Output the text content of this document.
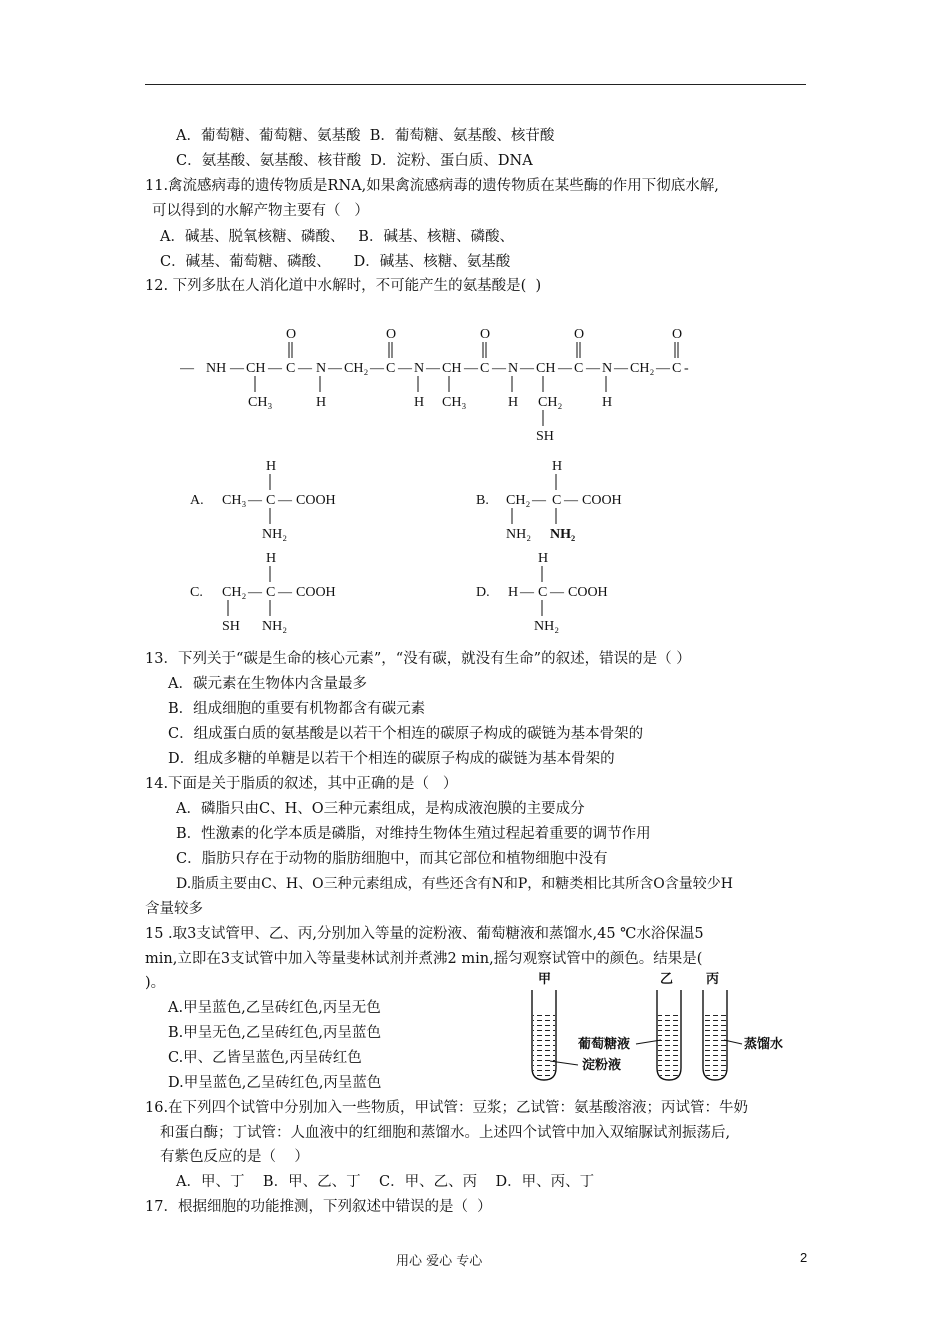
A．葡萄糖、葡萄糖、氨基酸  B．葡萄糖、氨基酸、核苷酸
C．氨基酸、氨基酸、核苷酸  D．淀粉、蛋白质、DNA
11.禽流感病毒的遗传物质是RNA,如果禽流感病毒的遗传物质在某些酶的作用下彻底水解,
可以得到的水解产物主要有（   ）
A．碱基、脱氧核糖、磷酸、   B．碱基、核糖、磷酸、
C．碱基、葡萄糖、磷酸、     D．碱基、核糖、氨基酸
12. 下列多肽在人消化道中水解时，不可能产生的氨基酸是(  )
— NH — CH — C — N — CH₂ — C — N — CH — C — N — CH — C — N — CH₂ — C -
O	O	O	O	O
CH₃	H	H CH₃	H CH₂	H
SH
A. CH₃ — C — COOH
H
NH₂
B. CH₂ — C — COOH
H
NH₂ NH₂
C. CH₂ — C — COOH
H
SH NH₂
D. H — C — COOH
H
NH₂
13．下列关于“碳是生命的核心元素”，“没有碳，就没有生命”的叙述，错误的是（ ）
A．碳元素在生物体内含量最多
B．组成细胞的重要有机物都含有碳元素
C．组成蛋白质的氨基酸是以若干个相连的碳原子构成的碳链为基本骨架的
D．组成多糖的单糖是以若干个相连的碳原子构成的碳链为基本骨架的
14.下面是关于脂质的叙述，其中正确的是（   ）
A．磷脂只由C、H、O三种元素组成，是构成液泡膜的主要成分
B．性激素的化学本质是磷脂，对维持生物体生殖过程起着重要的调节作用
C．脂肪只存在于动物的脂肪细胞中，而其它部位和植物细胞中没有
D.脂质主要由C、H、O三种元素组成，有些还含有N和P，和糖类相比其所含O含量较少H
含量较多
15 .取3支试管甲、乙、丙,分别加入等量的淀粉液、葡萄糖液和蒸馏水,45 ℃水浴保温5
min,立即在3支试管中加入等量斐林试剂并煮沸2 min,摇匀观察试管中的颜色。结果是(
)。
A.甲呈蓝色,乙呈砖红色,丙呈无色
B.甲呈无色,乙呈砖红色,丙呈蓝色
C.甲、乙皆呈蓝色,丙呈砖红色
D.甲呈蓝色,乙呈砖红色,丙呈蓝色
甲	乙	丙
葡萄糖液
淀粉液
蒸馏水
16.在下列四个试管中分别加入一些物质，甲试管：豆浆；乙试管：氨基酸溶液；丙试管：牛奶
和蛋白酶；丁试管：人血液中的红细胞和蒸馏水。上述四个试管中加入双缩脲试剂振荡后,
有紫色反应的是（    ）
A．甲、丁    B．甲、乙、丁    C．甲、乙、丙    D．甲、丙、丁
17．根据细胞的功能推测，下列叙述中错误的是（  ）
用心 爱心 专心	2
